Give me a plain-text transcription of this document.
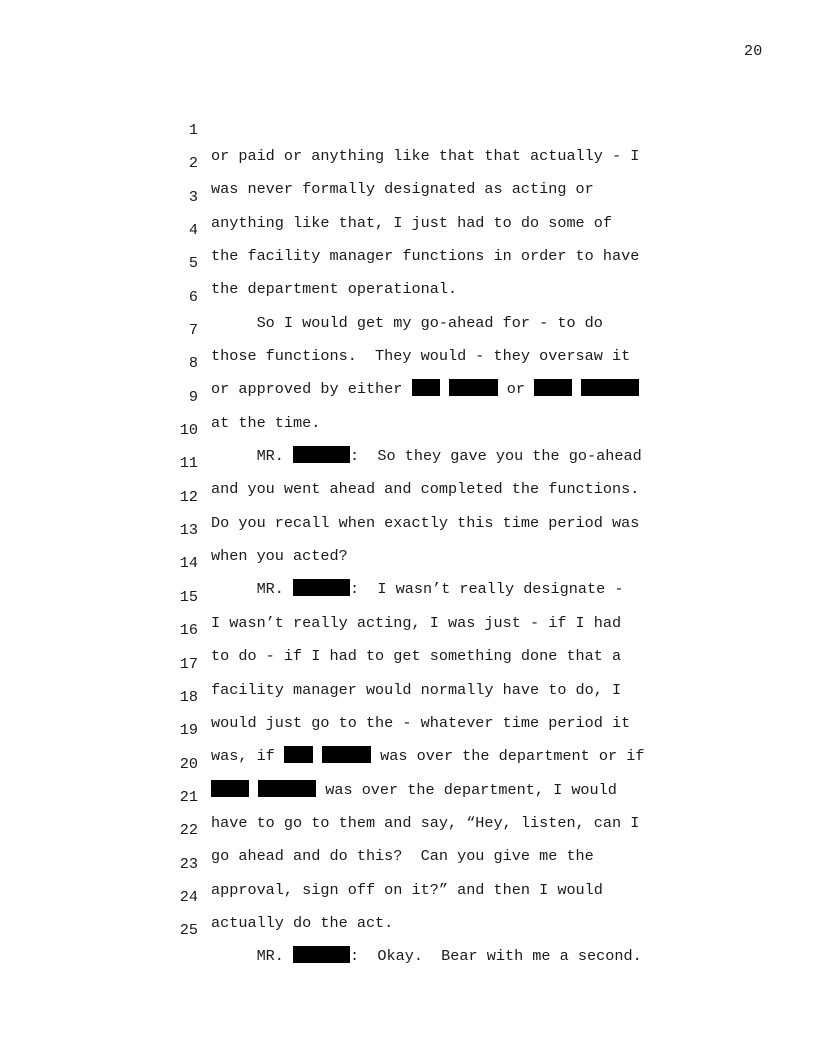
20

1

or paid or anything like that that actually - I

2

was never formally designated as acting or

3

anything like that, I just had to do some of

4

the facility manager functions in order to have

5

the department operational.

6

So I would get my go-ahead for - to do

7

those functions.  They would - they oversaw it

8

or approved by either	or

9

at the time.

10

MR.	:  So they gave you the go-ahead

11

and you went ahead and completed the functions.

12

Do you recall when exactly this time period was

13

when you acted?

14

MR.	:  I wasn’t really designate -

15

I wasn’t really acting, I was just - if I had

16

to do - if I had to get something done that a

17

facility manager would normally have to do, I

18

would just go to the - whatever time period it

19

was, if	was over the department or if

20

was over the department, I would

21

have to go to them and say, “Hey, listen, can I

22

go ahead and do this?  Can you give me the

23

approval, sign off on it?” and then I would

24

actually do the act.

25

MR.	:  Okay.  Bear with me a second.
